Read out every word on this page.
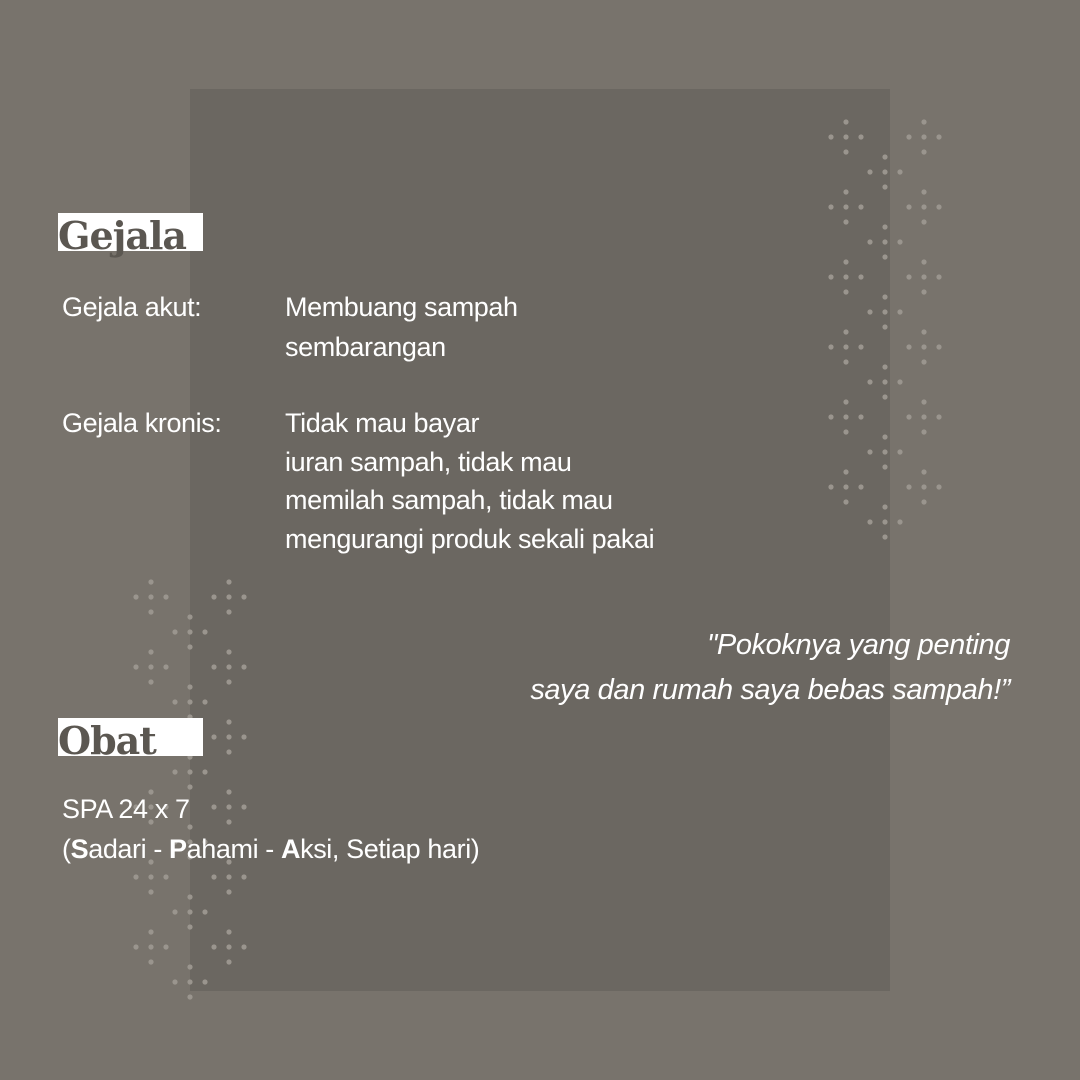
Gejala
Gejala akut:	Membuang sampah
sembarangan
Gejala kronis: Tidak mau bayar
iuran sampah, tidak mau
memilah sampah, tidak mau
mengurangi produk sekali pakai
"Pokoknya yang penting
saya dan rumah saya bebas sampah!”
Obat
SPA 24 x 7
(Sadari - Pahami - Aksi, Setiap hari)
